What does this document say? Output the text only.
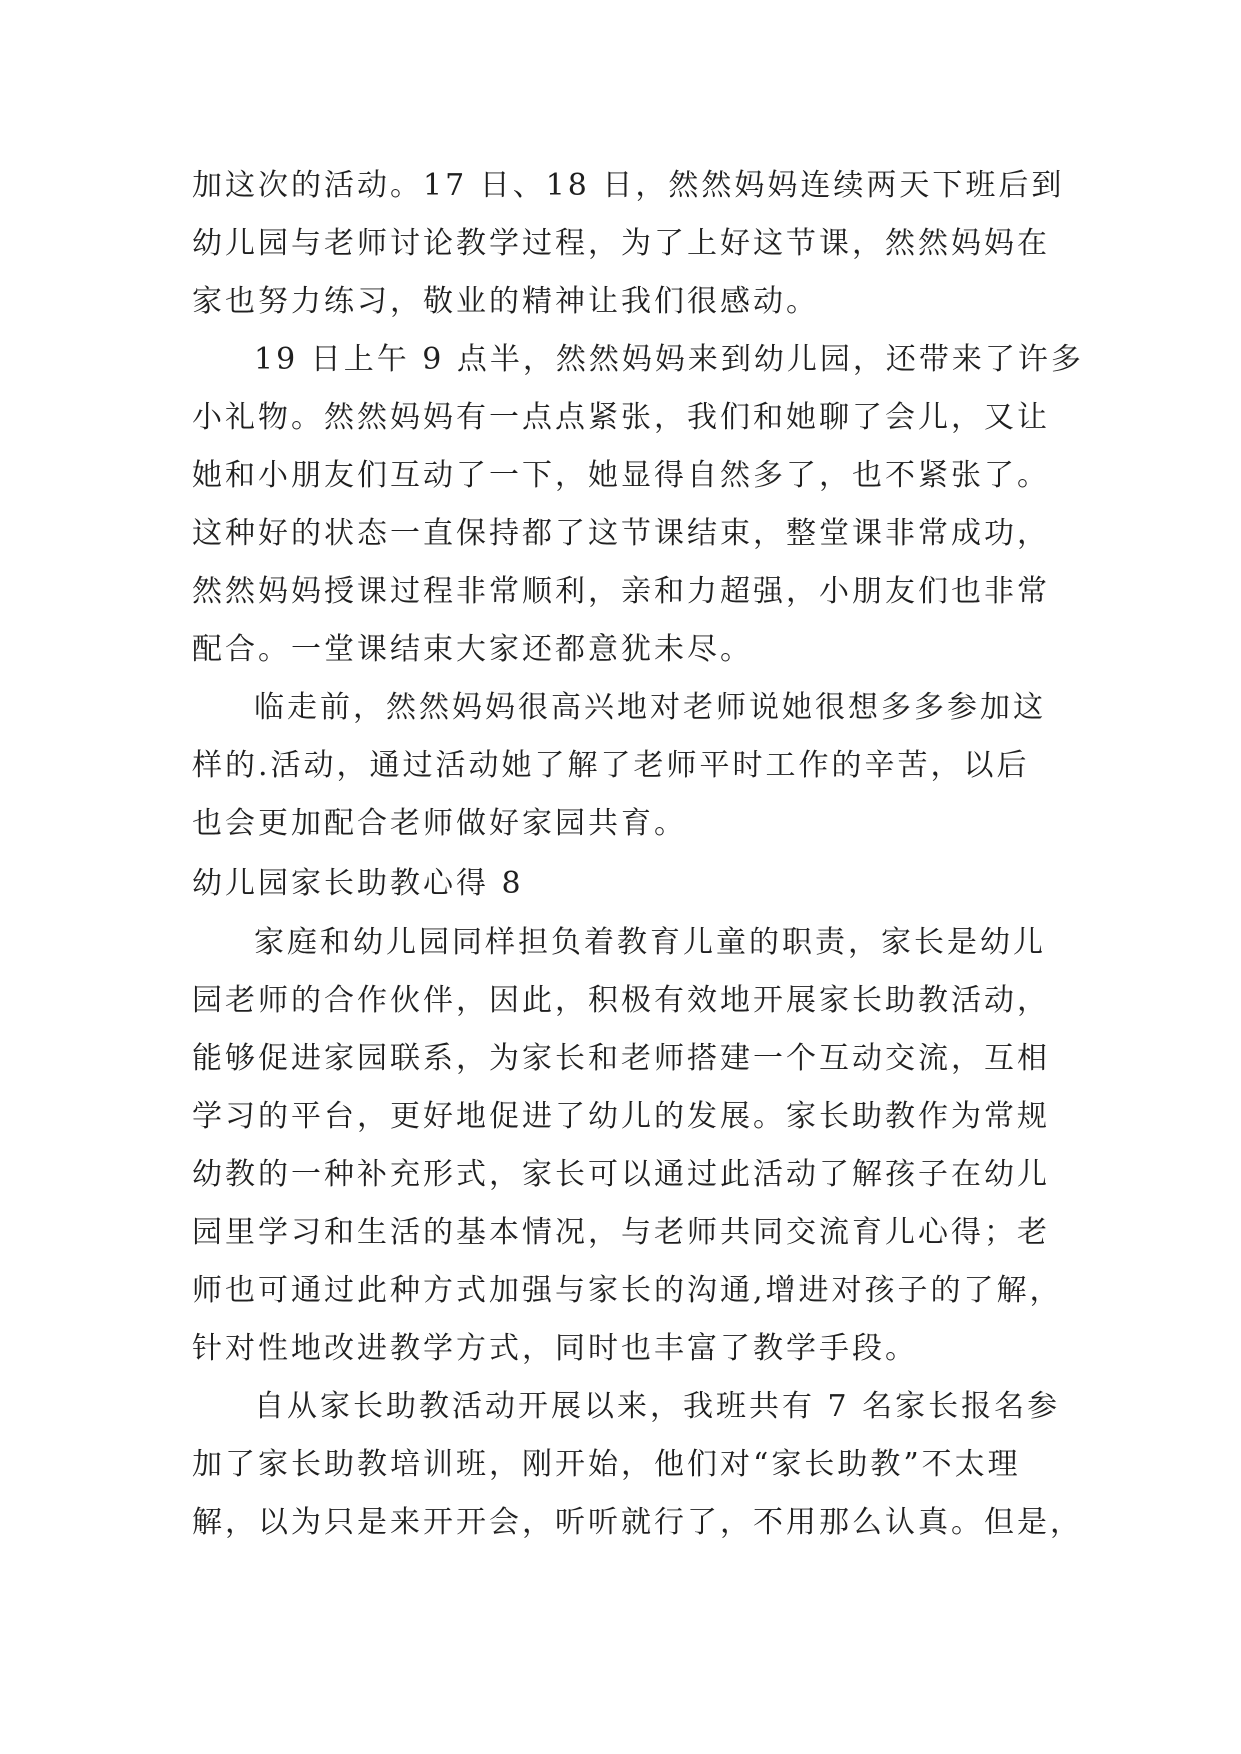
加这次的活动。17 日、18 日，然然妈妈连续两天下班后到
幼儿园与老师讨论教学过程，为了上好这节课，然然妈妈在
家也努力练习，敬业的精神让我们很感动。
19 日上午 9 点半，然然妈妈来到幼儿园，还带来了许多
小礼物。然然妈妈有一点点紧张，我们和她聊了会儿，又让
她和小朋友们互动了一下，她显得自然多了，也不紧张了。
这种好的状态一直保持都了这节课结束，整堂课非常成功，
然然妈妈授课过程非常顺利，亲和力超强，小朋友们也非常
配合。一堂课结束大家还都意犹未尽。
临走前，然然妈妈很高兴地对老师说她很想多多参加这
样的.活动，通过活动她了解了老师平时工作的辛苦，以后
也会更加配合老师做好家园共育。
幼儿园家长助教心得 8
家庭和幼儿园同样担负着教育儿童的职责，家长是幼儿
园老师的合作伙伴，因此，积极有效地开展家长助教活动，
能够促进家园联系，为家长和老师搭建一个互动交流，互相
学习的平台，更好地促进了幼儿的发展。家长助教作为常规
幼教的一种补充形式，家长可以通过此活动了解孩子在幼儿
园里学习和生活的基本情况，与老师共同交流育儿心得；老
师也可通过此种方式加强与家长的沟通,增进对孩子的了解，
针对性地改进教学方式，同时也丰富了教学手段。
自从家长助教活动开展以来，我班共有 7 名家长报名参
加了家长助教培训班，刚开始，他们对“家长助教”不太理
解，以为只是来开开会，听听就行了，不用那么认真。但是，
